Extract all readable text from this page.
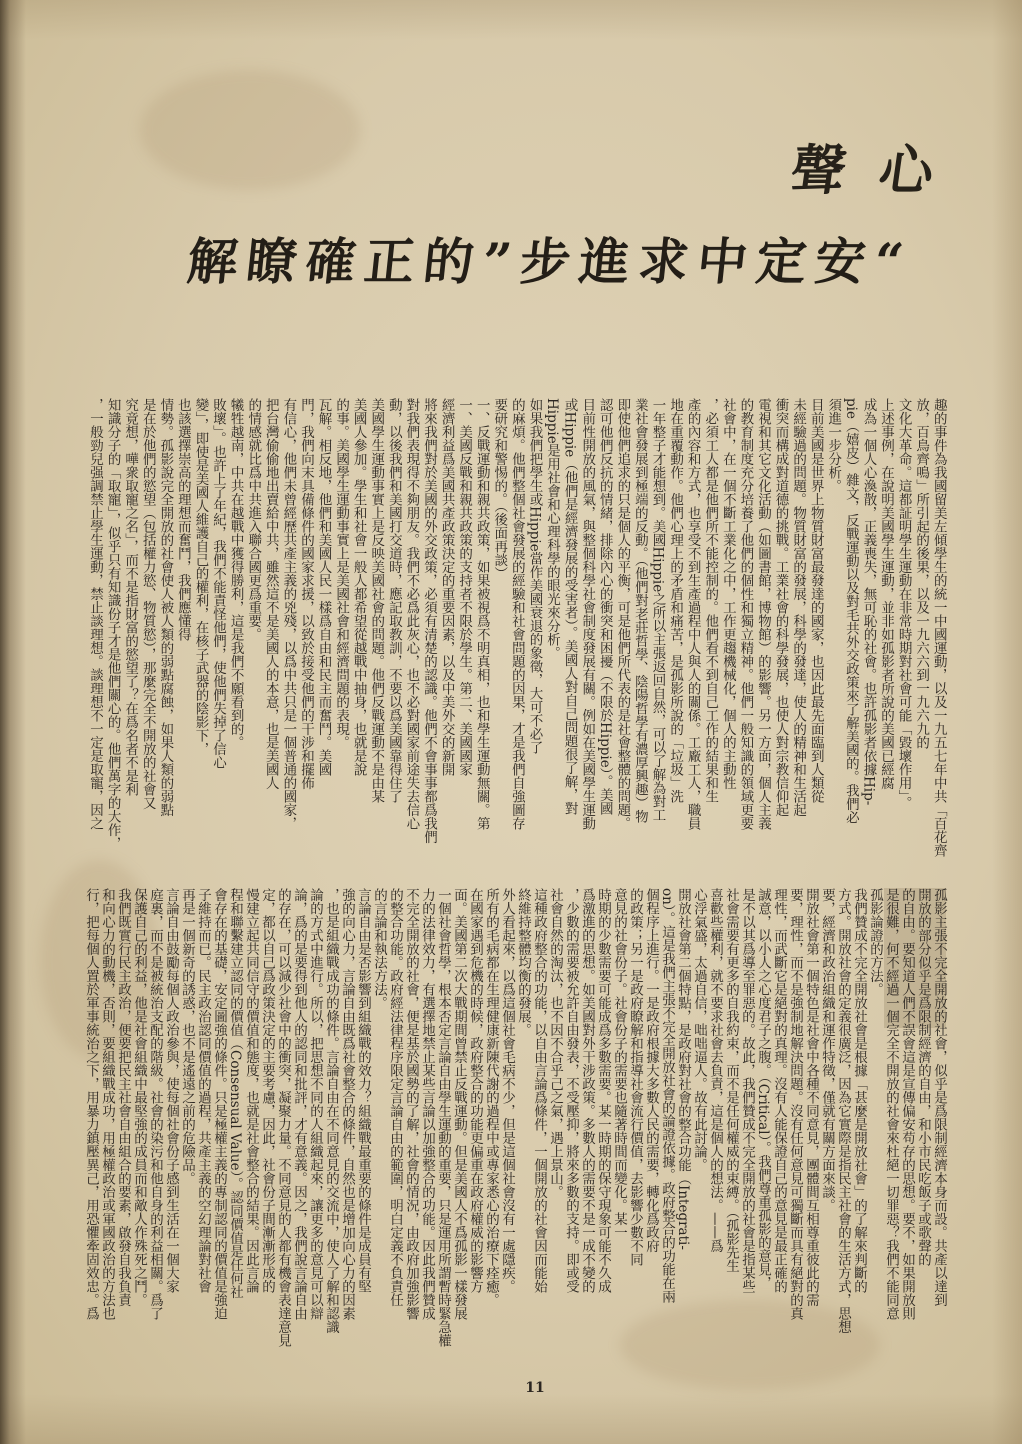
心聲
“安定中求進步”的正確瞭解
趣的事件為我國留美左傾學生的統一中國運動，以及一九五七年中共「百花齊
放，百鳥齊鳴」所引起的後果，以及一九六六到一九六九的
文化大革命。這都証明學生運動在非常時期對社會可能「毀壞作用」。
上述事例，在說明美國學生運動，並非如孤影者所說的美國已經腐
成為一個人心渙散，正義喪失，無可恥的社會。也許孤影者依據Hip-
pie（嬉皮）雜文，反戰運動以及對毛共外交政策來了解美國的。我們必
須進一步分析。
目前美國是世界上物質財富最發達的國家，也因此最先面臨到人類從
未經驗過的問題。物質財富的發展，科學的發達，使人的精神和生活起
衝突而構成對道德的挑戰。工業社會的科學發展，也使人對宗教信仰起
電視和其它文化活動（如圖書館，博物館）的影響。另一方面，個人主義
的教育制度充分培養了他們的個性和獨立精神。他們一般知識的領域更要
社會中，在一個不斷工業化之中，工作更趨機械化，個人的主動性
，必須工人都是他們所不能控制的。他們看不到自己工作的結果和生
產的內容和方式，也享受不到生產過程中人與人的關係。工廠工人，職員
地在重覆動作。他們心理上的矛盾和痛苦，是孤影所說的「垃圾」洗
一年整子才能想到。美國Hippie之所以主張返回自然，可以了解為對工
業社會發展到極端的反動。（他們對老莊哲學、陰陽哲學有濃厚興趣）物
即使他們追求的只是個人的平衡，可是他們所代表的是社會整體的問題。
認可他們反抗的情緒，排除內心的衝突和困擾（不限於Hippie）。美國
目前性開放的風氣，與整個科學社會制度發展有關。例如在美國學生運動
或Hippie（他們是經濟發展的受害者）。美國人對自己問題很了解，對
Hippie是用社會和心理科學的眼光來分析。
如果我們把學生或Hippie當作美國衰退的象徵，大可不必了
的麻煩。他們整個社會發展的經驗和社會問題的因果，才是我們自強圖存
要研究和警惕的。（後面再談）
一、反戰運動和親共政策，如果被視爲不明真相，也和學生運動無關。第
一、美國反戰和親共政策的支持者不限於學生。第二、美國國家
經濟利益爲美國共產政策決定的重要因素，以及中美外交的新開
將來我們對於美國的外交政策，必須有清楚的認識。他們不會事事都爲我們
對我們表現得不夠朋友。我們不必爲此灰心，也不必對國家前途失去信心
動，以後我們和美國打交道時，應記取教訓，不要以爲美國靠得住了
美國學生運動事實上是反映美國社會的問題。他們反戰運動不是由某
美國人參加。學生和社會一般人都希望從越戰中抽身，也就是說
的事。美國學生運動事實上是美國社會和經濟問題的表現。
瓦解。相反地，他們和美國人民一樣爲自由和民主而奮鬥。美國
門，我們向末具備條件的國家求援，以致於接受他們的干涉和擺佈
有信心，他們未曾經歷共產主義的兇殘，以爲中共只是一個普通的國家，
把台灣偷偷地出賣給中共，雖然這不是美國人的本意，也是美國人
的情感就比爲中共進入聯合國更爲重要。
犧牲越南，中共在越戰中獲得勝利，這是我們不願看到的。
敗壞」。也許上了年紀，我們不能責怪他們，使他們失掉了信心
變」，即使是美國人維護自己的權利，在核子武器的陰影下，
也該選擇崇高的理想而奮鬥，我們應懂得
情勢。孤影說完全開放的社會使人被人類的弱點腐蝕，如果人類的弱點
是在於他們的慾望（包括權力慾、物質慾），那麼完全不開放的社會又
究竟想，嘩衆取寵之名」，而不是指財富的慾望了？在爲名者不是利
知識分子的「取寵」，似乎只有知識份子才是他們關心的。他們萬字的大作，
，一般勁兒强調禁止學生運動，禁止談理想。談理想不一定是取寵，因之
孤影主張不完全開放的社會，似乎是爲限制經濟本身而設。共產以達到
開放的部分似乎是爲限制經濟的自由，和小市民吃飯子或歌聲的
的自由。要知道人們不誤會這是宣傳偏安苟存的思想。要不，如果開放則
是很難，何不經過一個完全不開放的社會來杜絕一切罪惡？我們不能同意
孤影論證的方法。
我們贊成不完全開放社會是根據「甚麼是開放社會」的了解來判斷的
方式。開放社會的定義很廣泛，因為它實際是指民主社會的生活方式，思想
要，經濟和政治組織和運作特徵，僅就有關方面來談。
開放社會第一個特色是社會中各種不同意見，團體間互相尊重彼此的需
要，理性，而不是強制地解決問題。沒有任何意見可獨斷而具有絕對的真
理性，而武斷它是絕對的真理。沒有人能保證自己的意見是最正確的
誠意，以小人之心度君子之腹。（Critical）。我們尊重孤影的意見，
是不以其爲導至罪惡的。故此，我們贊成不完全開放的社會是指某些
社會需要有更多的自我約束，而不是任何權威的束縛。（孤影先生
喜歡些權利，就不要求社會去負責，這是個人的想法。——爲
心浮氣盛，太過自信，咄咄逼人。故有此討論。
開放社會第二個特點，是政府對社會的整合功能（Integrati-
on）。這是我們主張不完全開放社會的論證依據。政府整合的功能在兩
個程序上進行。一是政府根據大多數人民的需要，轉化爲政府
的政策；另一是政府瞭解和指導社會流行價值，去影響少數不同
意見的社會份子。社會份子的需要也隨著時間而變化。某一
時期的少數需要可能成爲多數需要。某一時期的保守現象可能不久成
爲激進的思想。如美國對外干涉政策。多數人的需要不是一成不變的
，少數的需要被允許自由發表，不受壓抑，將來多數的支持。即或受
社會自然的淘汰，也不因不合乎己之氣，遇上景山。
這種政府整合的功能，以自由言論爲條件，一個開放的社會因而能始
終維持整體均衡的發展。
外人看起來，以爲這個社會毛病不少，但是這個社會沒有一處隱疾。
所有的毛病都在生理健康新陳代謝的過程中或專家悉心的治療下痊癒。
在國家遇到危機的時候，政府整合的功能更偏重在政府權威的影響方
面。美國第二次大戰期間曾禁止反戰運動。但是美國人不爲孤影一樣發展
一個社會哲學，根本否定言論自由學生運動的重要，只是運用所謂暫時緊急權
力的法律效力，有選擇地禁止某些言論以加強整合的功能。因此我們贊成
不完全開放的社會，便是基於國勢的了解，社會的情況，由政府加強影響
的整合功能。政府經法律程序限定言論自由的範圍，明白定義不負責任
的言論和執法方法。
言論自由是否影響到組織戰的效力？組織戰最重要的條件是成員有堅
強的向心力，言論自由既爲社會整合的條件，自然也是增加向心力的因素
，也是組織戰成功的條件。言論自由在不同意見的交流中，使人了解和認識
論的方式中進行。所以，把思想不同的人組織起來，讓更多的意見可以辯
論，爲的是要得到他人的認同和批評，才有意義。因之，我們說言論自由
的存在，可以減少社會中的衝突，凝聚力量。不同意見的人都有機會表達意見
定，都以自己爲政策決定的主要考慮，因此，社會份子間漸漸形成的
慢建立起共同信守的價值和態度，也就是社會整合的結果。因此言論
程和聯繫建立認同的價值（Consensual Value）。認同價值是任何社
會存在的基礎，安定圖強的條件。只是極權主義的專制認同的價值是強迫
子維持而已。民主政治認同價值的過程，共產主義的空幻理論對社會
再是一個新奇的誘惑，也不是遙遠之前的危險品。
言論自由鼓勵每個人政治參與，使每個社會份子感到生活在一個大家
庭裏，而不是被統治支配的階級。社會的染污和他自身的利益相關。爲了
保護自己的利益，他是社會組織中最堅強的成員而和敵人作殊死之鬥。
我們既實行民主政治，便要把民主社會自由組合的要素，啟發自我負責
和向心力的動機，否則，要組織戰成功，用極權政治或軍國政治的方法也
行，把每個人置於軍事統治之下，用暴力鎮壓異己，用恐懼牽固效忠。爲
11
